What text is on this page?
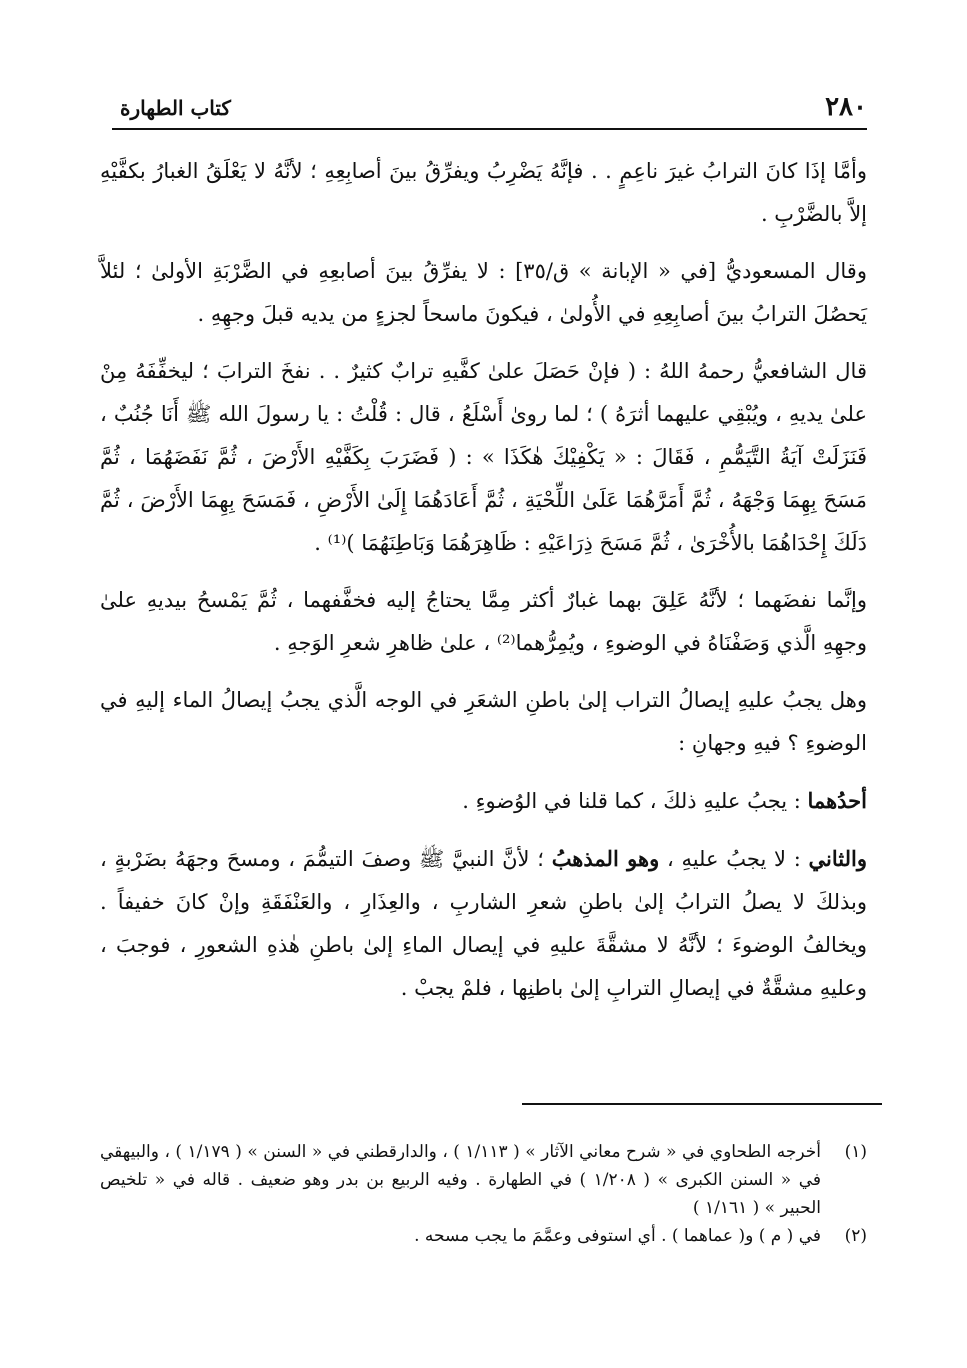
٢٨٠
كتاب الطهارة

وأمَّا إذَا كانَ الترابُ غيرَ ناعِمٍ . . فإنَّهُ يَضْرِبُ ويفرِّقُ بينَ أصابِعِهِ ؛ لأنَّهُ لا يَعْلَقُ الغبارُ بكفَّيْهِ إلاَّ بالضَّرْبِ .

وقال المسعوديُّ [في « الإبانة » ق/٣٥] : لا يفرِّقُ بينَ أصابعِهِ في الضَّرْبَةِ الأولىٰ ؛ لئلاَّ يَحصُلَ الترابُ بينَ أصابِعِهِ في الأُولىٰ ، فيكونَ ماسحاً لجزءٍ من يديه قبلَ وجهِهِ .

قال الشافعيُّ رحمهُ اللهُ : ( فإنْ حَصَلَ علىٰ كفَّيهِ ترابٌ كثيرٌ . . نفخَ الترابَ ؛ ليخفِّفَهُ مِنْ علىٰ يديهِ ، ويُبْقِي عليهما أثرَهُ ) ؛ لما روىٰ أَسْلَعُ ، قال : قُلْتُ : يا رسولَ الله ﷺ أَنَا جُنُبٌ ، فَنَزَلَتْ آيَةُ التَّيَمُّمِ ، فَقَالَ : « يَكْفِيْكَ هٰكَذَا » : ( فَضَرَبَ بِكَفَّيْهِ الأَرْضَ ، ثُمَّ نَفَضَهُمَا ، ثُمَّ مَسَحَ بِهِمَا وَجْهَهُ ، ثُمَّ أَمَرَّهُمَا عَلَىٰ اللِّحْيَةِ ، ثُمَّ أَعَادَهُمَا إِلَىٰ الأَرْضِ ، فَمَسَحَ بِهِمَا الأَرْضَ ، ثُمَّ دَلَكَ إِحْدَاهُمَا بالأُخْرَىٰ ، ثُمَّ مَسَحَ ذِرَاعَيْهِ : ظَاهِرَهُمَا وَبَاطِنَهُمَا )⁽¹⁾ .

وإنَّما نفضَهما ؛ لأنَّهُ عَلِقَ بهما غبارٌ أكثر مِمَّا يحتاجُ إليه فخفَّفهما ، ثُمَّ يَمْسحُ بيديهِ علىٰ وجهِهِ الَّذي وَصَفْنَاهُ في الوضوءِ ، ويُمِرُّهما⁽²⁾ ، علىٰ ظاهرِ شعرِ الوَجهِ .

وهل يجبُ عليهِ إيصالُ التراب إلىٰ باطنِ الشعَرِ في الوجه الَّذي يجبُ إيصالُ الماء إليهِ في الوضوءِ ؟ فيهِ وجهانِ :

أحدُهما : يجبُ عليهِ ذلكَ ، كما قلنا في الوُضوءِ .

والثاني : لا يجبُ عليهِ ، وهو المذهبُ ؛ لأنَّ النبيَّ ﷺ وصفَ التيمُّمَ ، ومسحَ وجهَهُ بضَرْبةٍ ، وبذلكَ لا يصلُ الترابُ إلىٰ باطنِ شعرِ الشاربِ ، والعِذَارِ ، والعَنْفَقَةِ وإنْ كانَ خفيفاً . ويخالفُ الوضوءَ ؛ لأنَّهُ لا مشقَّةَ عليهِ في إيصال الماءِ إلىٰ باطنِ هٰذهِ الشعورِ ، فوجبَ ، وعليهِ مشقَّةٌ في إيصالِ الترابِ إلىٰ باطنِها ، فلمْ يجبْ .

(١)
أخرجه الطحاوي في « شرح معاني الآثار » ( ١/١١٣ ) ، والدارقطني في « السنن » ( ١/١٧٩ ) ، والبيهقي في « السنن الكبرى » ( ١/٢٠٨ ) في الطهارة . وفيه الربيع بن بدر وهو ضعيف . قاله في « تلخيص الحبير » ( ١/١٦١ )
(٢)
في ( م ) و( عماهما ) . أي استوفى وعمَّمَ ما يجب مسحه .
